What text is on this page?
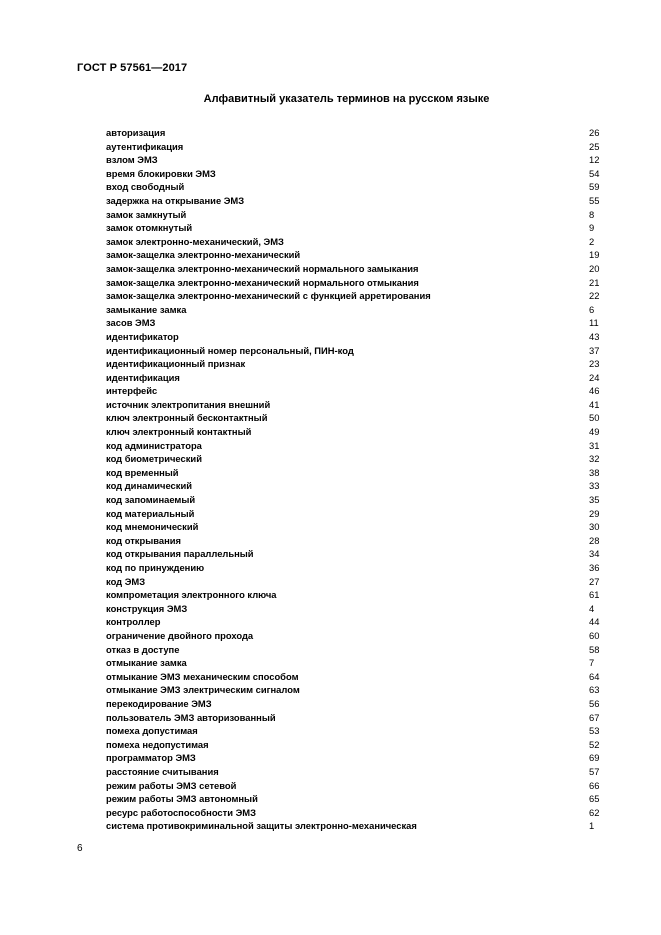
ГОСТ Р 57561—2017
Алфавитный указатель терминов на русском языке
авторизация	26
аутентификация	25
взлом ЭМЗ	12
время блокировки ЭМЗ	54
вход свободный	59
задержка на открывание ЭМЗ	55
замок замкнутый	8
замок отомкнутый	9
замок электронно-механический, ЭМЗ	2
замок-защелка электронно-механический	19
замок-защелка электронно-механический нормального замыкания	20
замок-защелка электронно-механический нормального отмыкания	21
замок-защелка электронно-механический с функцией арретирования	22
замыкание замка	6
засов ЭМЗ	11
идентификатор	43
идентификационный номер персональный, ПИН-код	37
идентификационный признак	23
идентификация	24
интерфейс	46
источник электропитания внешний	41
ключ электронный бесконтактный	50
ключ электронный контактный	49
код администратора	31
код биометрический	32
код временный	38
код динамический	33
код запоминаемый	35
код материальный	29
код мнемонический	30
код открывания	28
код открывания параллельный	34
код по принуждению	36
код ЭМЗ	27
компрометация электронного ключа	61
конструкция ЭМЗ	4
контроллер	44
ограничение двойного прохода	60
отказ в доступе	58
отмыкание замка	7
отмыкание ЭМЗ механическим способом	64
отмыкание ЭМЗ электрическим сигналом	63
перекодирование ЭМЗ	56
пользователь ЭМЗ авторизованный	67
помеха допустимая	53
помеха недопустимая	52
программатор ЭМЗ	69
расстояние считывания	57
режим работы ЭМЗ сетевой	66
режим работы ЭМЗ автономный	65
ресурс работоспособности ЭМЗ	62
система противокриминальной защиты электронно-механическая	1
6
